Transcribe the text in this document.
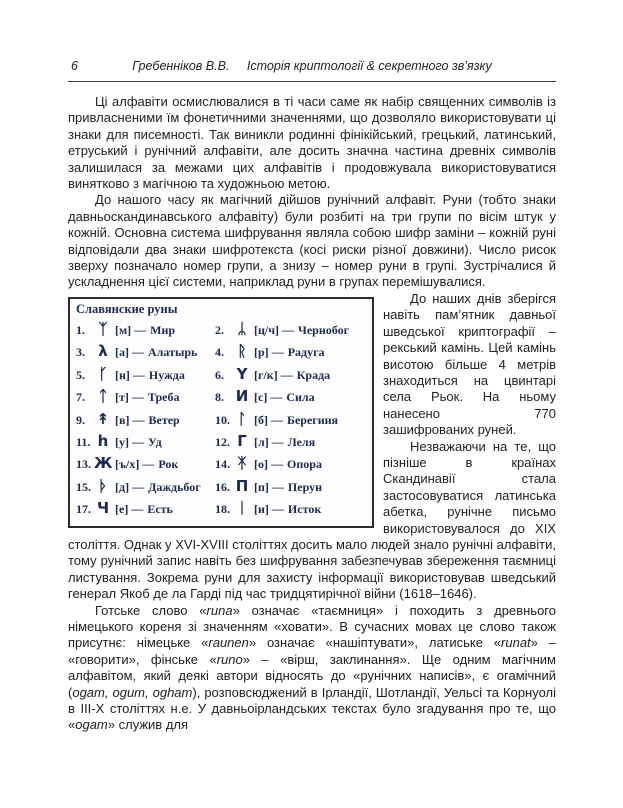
6	Гребенніков В.В. Історія криптології & секретного зв’язку

Ці алфавіти осмислювалися в ті часи саме як набір священних символів із привласненими їм фонетичними значеннями, що дозволяло використовувати ці знаки для писемності. Так виникли родинні фінікійський, грецький, латинський, етруський і рунічний алфавіти, але досить значна частина древніх символів залишилася за межами цих алфавітів і продовжувала використовуватися винятково з магічною та художньою метою.

До нашого часу як магічний дійшов рунічний алфавіт. Руни (тобто знаки давньоскандинавського алфавіту) були розбиті на три групи по вісім штук у кожній. Основна система шифрування являла собою шифр заміни – кожній руні відповідали два знаки шифротекста (косі риски різної довжини). Число рисок зверху позначало номер групи, а знизу – номер руни в групі. Зустрічалися й ускладнення цієї системи, наприклад руни в групах перемішувалися.

Славянские руны
1. ᛉ [м] — Мир	2. ᛦ [ц/ч] — Чернобог
3. λ [а] — Алатырь 4. ᚱ [р] — Радуга
5. ᚴ [н] — Нужда	6. Y [г/к] — Крада
7. ᛏ [т] — Треба	8. И [с] — Сила
9. ↟ [в] — Ветер	10. ᛚ [б] — Берегиня
11. h [у] — Уд	12. Γ [л] — Леля
13. Ж [ъ/х] — Рок	14. ᛡ [о] — Опора
15. ᚦ [д] — Даждьбог 16. П [п] — Перун
17. Ч [е] — Есть	18. ᛁ [и] — Исток

До наших днів зберігся навіть пам’ятник давньої шведської криптографії – рекський камінь. Цей камінь висотою більше 4 метрів знаходиться на цвинтарі села Рьок. На ньому нанесено 770 зашифрованих руней.

Незважаючи на те, що пізніше в країнах Скандинавії стала застосовуватися латинська абетка, рунічне письмо використовувалося до XIX століття. Однак у XVI-XVIII століттях досить мало людей знало рунічні алфавіти, тому рунічний запис навіть без шифрування забезпечував збереження таємниці листування. Зокрема руни для захисту інформації використовував шведський генерал Якоб де ла Гарді під час тридцятирічної війни (1618–1646).

Готське слово «runa» означає «таємниця» і походить з древнього німецького кореня зі значенням «ховати». В сучасних мовах це слово також присутнє: німецьке «raunen» означає «нашіптувати», латиське «runat» – «говорити», фінське «runo» – «вірш, заклинання». Ще одним магічним алфавітом, який деякі автори відносять до «рунічних написів», є огамічний (ogam, ogum, ogham), розповсюджений в Ірландії, Шотландії, Уельсі та Корнуолі в III-X століттях н.е. У давньоірландських текстах було згадування про те, що «ogam» служив для
